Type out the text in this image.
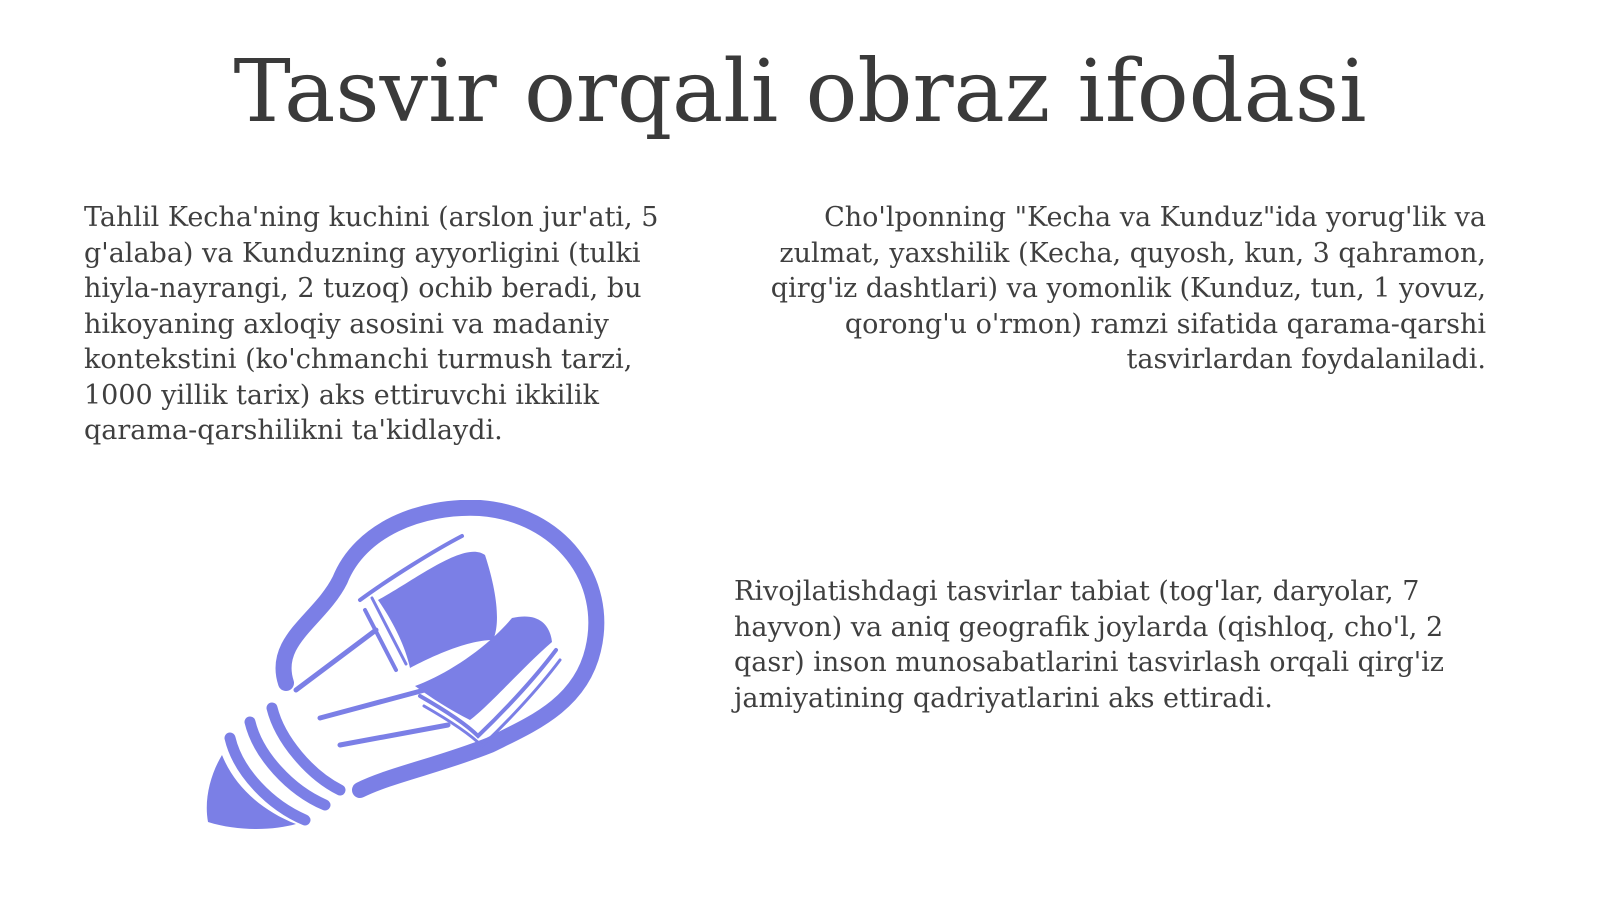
Tasvir orqali obraz ifodasi

Tahlil Kecha'ning kuchini (arslon jur'ati, 5 g'alaba) va Kunduzning ayyorligini (tulki hiyla-nayrangi, 2 tuzoq) ochib beradi, bu hikoyaning axloqiy asosini va madaniy kontekstini (ko'chmanchi turmush tarzi, 1000 yillik tarix) aks ettiruvchi ikkilik qarama-qarshilikni ta'kidlaydi.

Cho'lponning "Kecha va Kunduz"ida yorug'lik va zulmat, yaxshilik (Kecha, quyosh, kun, 3 qahramon, qirg'iz dashtlari) va yomonlik (Kunduz, tun, 1 yovuz, qorong'u o'rmon) ramzi sifatida qarama-qarshi tasvirlardan foydalaniladi.

Rivojlatishdagi tasvirlar tabiat (tog'lar, daryolar, 7 hayvon) va aniq geografik joylarda (qishloq, cho'l, 2 qasr) inson munosabatlarini tasvirlash orqali qirg'iz jamiyatining qadriyatlarini aks ettiradi.
